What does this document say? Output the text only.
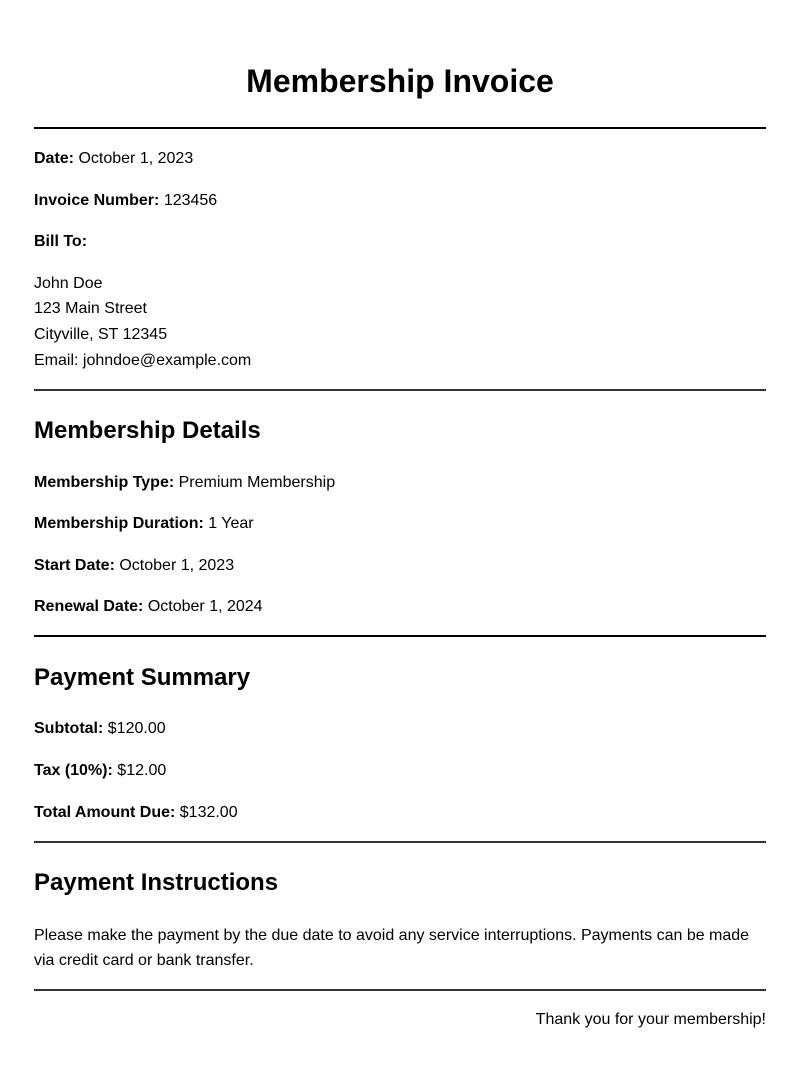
Membership Invoice
Date: October 1, 2023
Invoice Number: 123456
Bill To:
John Doe
123 Main Street
Cityville, ST 12345
Email: johndoe@example.com
Membership Details
Membership Type: Premium Membership
Membership Duration: 1 Year
Start Date: October 1, 2023
Renewal Date: October 1, 2024
Payment Summary
Subtotal: $120.00
Tax (10%): $12.00
Total Amount Due: $132.00
Payment Instructions
Please make the payment by the due date to avoid any service interruptions. Payments can be made via credit card or bank transfer.
Thank you for your membership!
